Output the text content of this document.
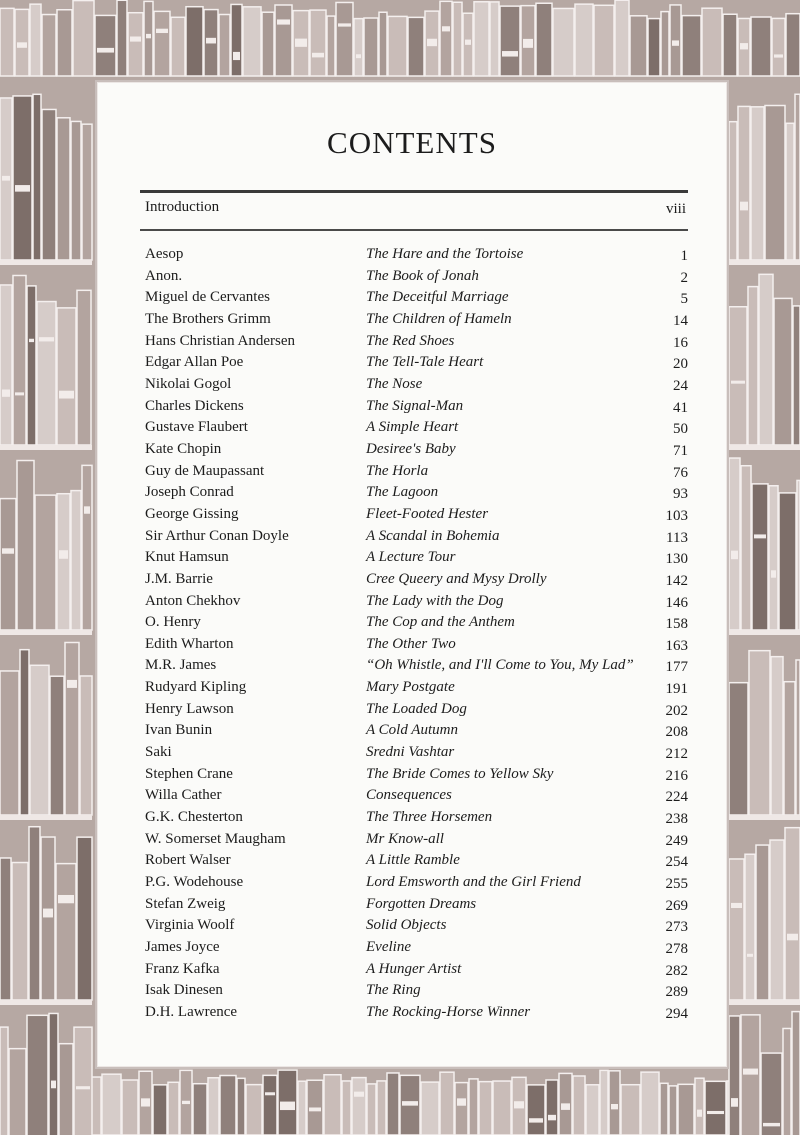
CONTENTS
Introduction	viii
Aesop	The Hare and the Tortoise	1
Anon.	The Book of Jonah	2
Miguel de Cervantes	The Deceitful Marriage	5
The Brothers Grimm	The Children of Hameln	14
Hans Christian Andersen	The Red Shoes	16
Edgar Allan Poe	The Tell-Tale Heart	20
Nikolai Gogol	The Nose	24
Charles Dickens	The Signal-Man	41
Gustave Flaubert	A Simple Heart	50
Kate Chopin	Desiree's Baby	71
Guy de Maupassant	The Horla	76
Joseph Conrad	The Lagoon	93
George Gissing	Fleet-Footed Hester	103
Sir Arthur Conan Doyle	A Scandal in Bohemia	113
Knut Hamsun	A Lecture Tour	130
J.M. Barrie	Cree Queery and Mysy Drolly	142
Anton Chekhov	The Lady with the Dog	146
O. Henry	The Cop and the Anthem	158
Edith Wharton	The Other Two	163
M.R. James	“Oh Whistle, and I'll Come to You, My Lad”	177
Rudyard Kipling	Mary Postgate	191
Henry Lawson	The Loaded Dog	202
Ivan Bunin	A Cold Autumn	208
Saki	Sredni Vashtar	212
Stephen Crane	The Bride Comes to Yellow Sky	216
Willa Cather	Consequences	224
G.K. Chesterton	The Three Horsemen	238
W. Somerset Maugham	Mr Know-all	249
Robert Walser	A Little Ramble	254
P.G. Wodehouse	Lord Emsworth and the Girl Friend	255
Stefan Zweig	Forgotten Dreams	269
Virginia Woolf	Solid Objects	273
James Joyce	Eveline	278
Franz Kafka	A Hunger Artist	282
Isak Dinesen	The Ring	289
D.H. Lawrence	The Rocking-Horse Winner	294
